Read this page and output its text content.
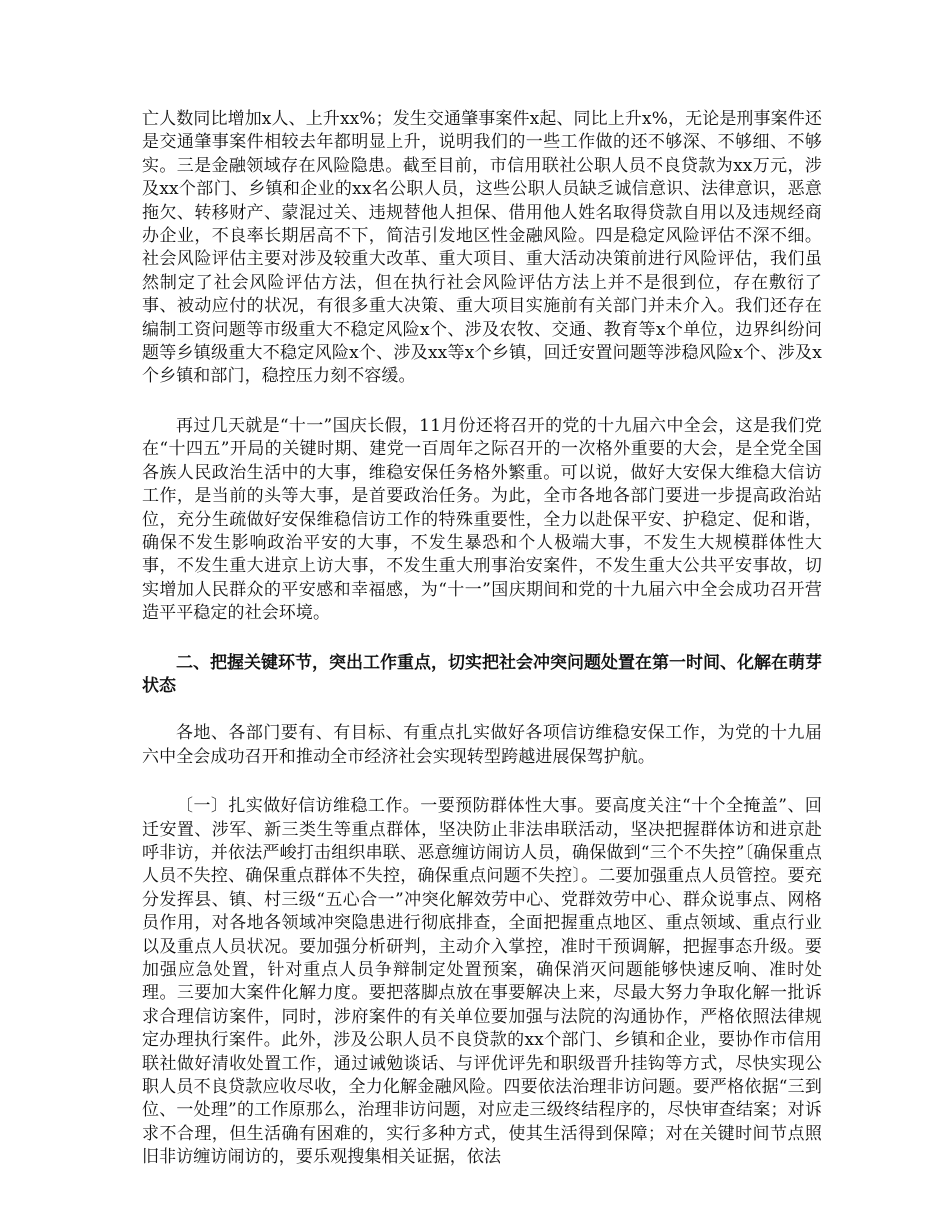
亡人数同比增加x人、上升xx%；发生交通肇事案件x起、同比上升x%，无论是刑事案件还是交通肇事案件相较去年都明显上升，说明我们的一些工作做的还不够深、不够细、不够实。三是金融领域存在风险隐患。截至目前，市信用联社公职人员不良贷款为xx万元，涉及xx个部门、乡镇和企业的xx名公职人员，这些公职人员缺乏诚信意识、法律意识，恶意拖欠、转移财产、蒙混过关、违规替他人担保、借用他人姓名取得贷款自用以及违规经商办企业，不良率长期居高不下，简洁引发地区性金融风险。四是稳定风险评估不深不细。社会风险评估主要对涉及较重大改革、重大项目、重大活动决策前进行风险评估，我们虽然制定了社会风险评估方法，但在执行社会风险评估方法上并不是很到位，存在敷衍了事、被动应付的状况，有很多重大决策、重大项目实施前有关部门并未介入。我们还存在编制工资问题等市级重大不稳定风险x个、涉及农牧、交通、教育等x个单位，边界纠纷问题等乡镇级重大不稳定风险x个、涉及xx等x个乡镇，回迁安置问题等涉稳风险x个、涉及x个乡镇和部门，稳控压力刻不容缓。

再过几天就是“十一”国庆长假，11月份还将召开的党的十九届六中全会，这是我们党在“十四五”开局的关键时期、建党一百周年之际召开的一次格外重要的大会，是全党全国各族人民政治生活中的大事，维稳安保任务格外繁重。可以说，做好大安保大维稳大信访工作，是当前的头等大事，是首要政治任务。为此，全市各地各部门要进一步提高政治站位，充分生疏做好安保维稳信访工作的特殊重要性，全力以赴保平安、护稳定、促和谐，确保不发生影响政治平安的大事，不发生暴恐和个人极端大事，不发生大规模群体性大事，不发生重大进京上访大事，不发生重大刑事治安案件，不发生重大公共平安事故，切实增加人民群众的平安感和幸福感，为“十一”国庆期间和党的十九届六中全会成功召开营造平平稳定的社会环境。

二、把握关键环节，突出工作重点，切实把社会冲突问题处置在第一时间、化解在萌芽状态

各地、各部门要有、有目标、有重点扎实做好各项信访维稳安保工作，为党的十九届六中全会成功召开和推动全市经济社会实现转型跨越进展保驾护航。

〔一〕扎实做好信访维稳工作。一要预防群体性大事。要高度关注“十个全掩盖”、回迁安置、涉军、新三类生等重点群体，坚决防止非法串联活动，坚决把握群体访和进京赴呼非访，并依法严峻打击组织串联、恶意缠访闹访人员，确保做到“三个不失控”〔确保重点人员不失控、确保重点群体不失控，确保重点问题不失控〕。二要加强重点人员管控。要充分发挥县、镇、村三级“五心合一”冲突化解效劳中心、党群效劳中心、群众说事点、网格员作用，对各地各领域冲突隐患进行彻底排查，全面把握重点地区、重点领域、重点行业以及重点人员状况。要加强分析研判，主动介入掌控，准时干预调解，把握事态升级。要加强应急处置，针对重点人员争辩制定处置预案，确保消灭问题能够快速反响、准时处理。三要加大案件化解力度。要把落脚点放在事要解决上来，尽最大努力争取化解一批诉求合理信访案件，同时，涉府案件的有关单位要加强与法院的沟通协作，严格依照法律规定办理执行案件。此外，涉及公职人员不良贷款的xx个部门、乡镇和企业，要协作市信用联社做好清收处置工作，通过诫勉谈话、与评优评先和职级晋升挂钩等方式，尽快实现公职人员不良贷款应收尽收，全力化解金融风险。四要依法治理非访问题。要严格依据“三到位、一处理”的工作原那么，治理非访问题，对应走三级终结程序的，尽快审查结案；对诉求不合理，但生活确有困难的，实行多种方式，使其生活得到保障；对在关键时间节点照旧非访缠访闹访的，要乐观搜集相关证据，依法
